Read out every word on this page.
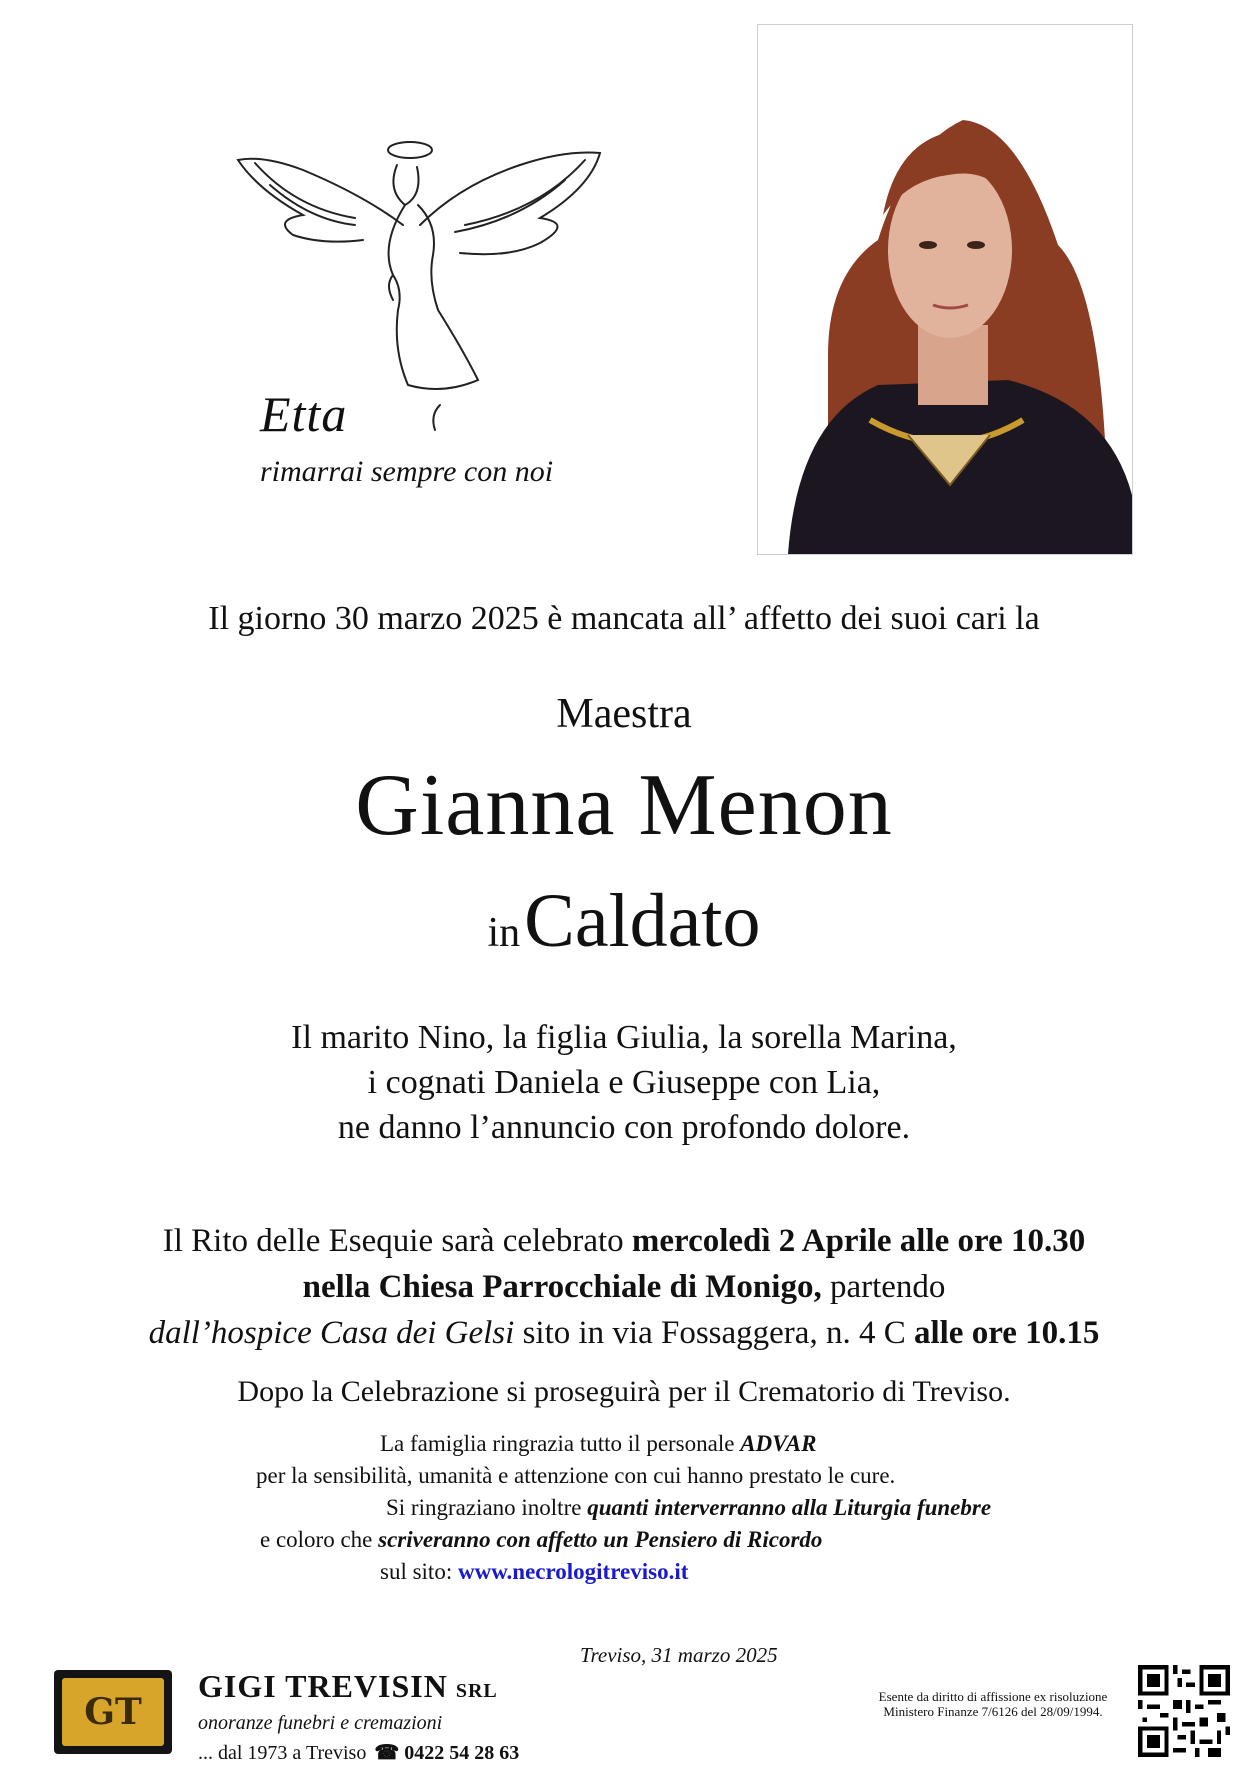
Etta
rimarrai sempre con noi
Il giorno 30 marzo 2025 è mancata all’ affetto dei suoi cari la
Maestra
Gianna Menon
in Caldato
Il marito Nino, la figlia Giulia, la sorella Marina,
i cognati Daniela e Giuseppe con Lia,
ne danno l’annuncio con profondo dolore.
Il Rito delle Esequie sarà celebrato mercoledì 2 Aprile alle ore 10.30
nella Chiesa Parrocchiale di Monigo, partendo
dall’hospice Casa dei Gelsi sito in via Fossaggera, n. 4 C alle ore 10.15
Dopo la Celebrazione si proseguirà per il Crematorio di Treviso.
La famiglia ringrazia tutto il personale ADVAR
per la sensibilità, umanità e attenzione con cui hanno prestato le cure.
Si ringraziano inoltre quanti interverranno alla Liturgia funebre
e coloro che scriveranno con affetto un Pensiero di Ricordo
sul sito: www.necrologitreviso.it
Treviso, 31 marzo 2025
GT
GIGI TREVISIN SRL
onoranze funebri e cremazioni
... dal 1973 a Treviso ☎ 0422 54 28 63
Esente da diritto di affissione ex risoluzione
Ministero Finanze 7/6126 del 28/09/1994.
